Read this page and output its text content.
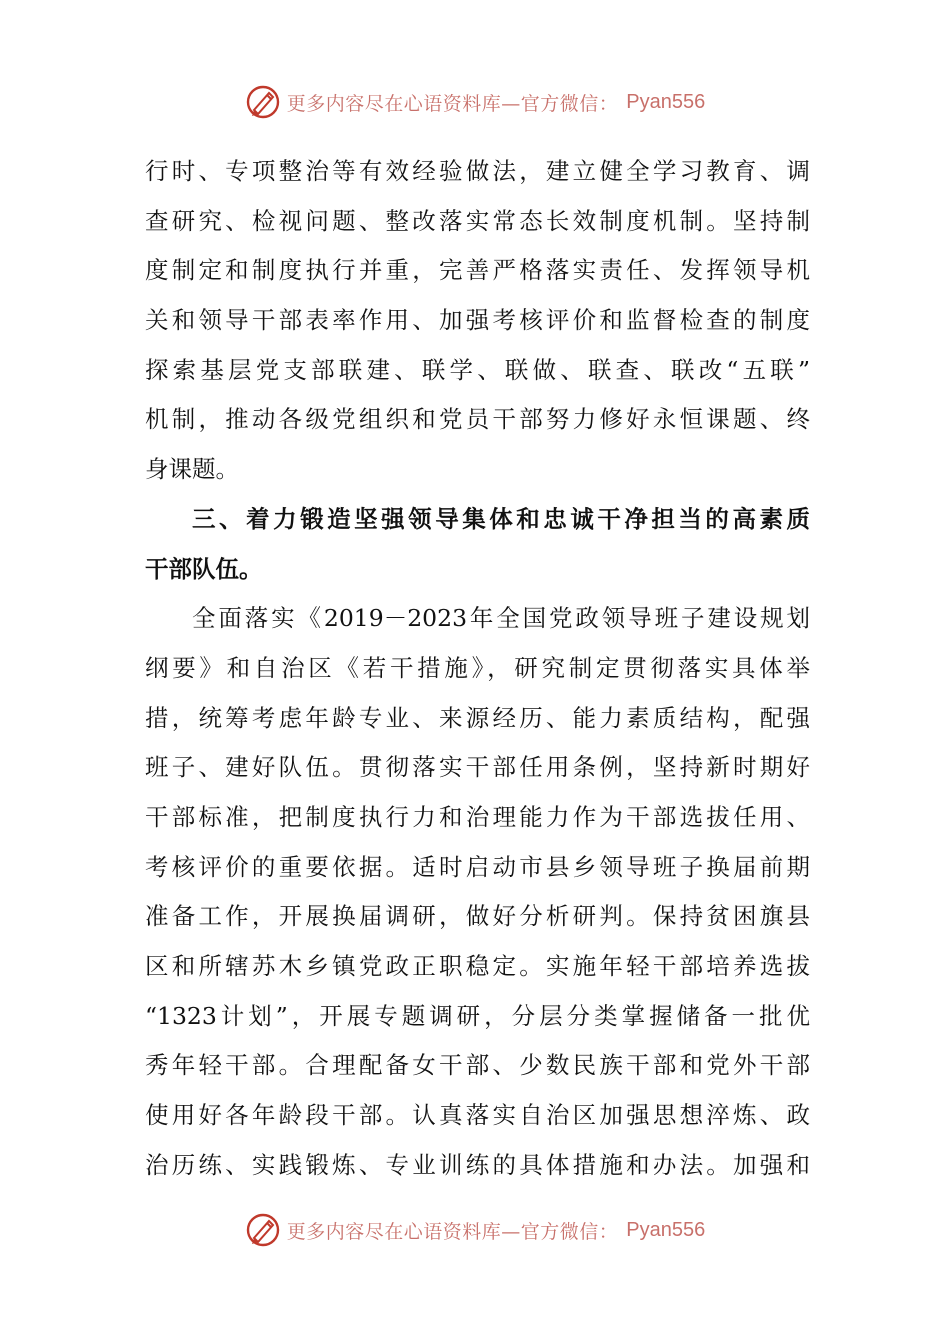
更多内容尽在心语资料库—官方微信： Pyan556
行时、专项整治等有效经验做法，建立健全学习教育、调
查研究、检视问题、整改落实常态长效制度机制。坚持制
度制定和制度执行并重，完善严格落实责任、发挥领导机
关和领导干部表率作用、加强考核评价和监督检查的制度
探索基层党支部联建、联学、联做、联查、联改“五联”
机制，推动各级党组织和党员干部努力修好永恒课题、终
身课题。
三、着力锻造坚强领导集体和忠诚干净担当的高素质
干部队伍。
全面落实《2019－2023年全国党政领导班子建设规划
纲要》和自治区《若干措施》，研究制定贯彻落实具体举
措，统筹考虑年龄专业、来源经历、能力素质结构，配强
班子、建好队伍。贯彻落实干部任用条例，坚持新时期好
干部标准，把制度执行力和治理能力作为干部选拔任用、
考核评价的重要依据。适时启动市县乡领导班子换届前期
准备工作，开展换届调研，做好分析研判。保持贫困旗县
区和所辖苏木乡镇党政正职稳定。实施年轻干部培养选拔
“1323计划”，开展专题调研，分层分类掌握储备一批优
秀年轻干部。合理配备女干部、少数民族干部和党外干部
使用好各年龄段干部。认真落实自治区加强思想淬炼、政
治历练、实践锻炼、专业训练的具体措施和办法。加强和
更多内容尽在心语资料库—官方微信： Pyan556
